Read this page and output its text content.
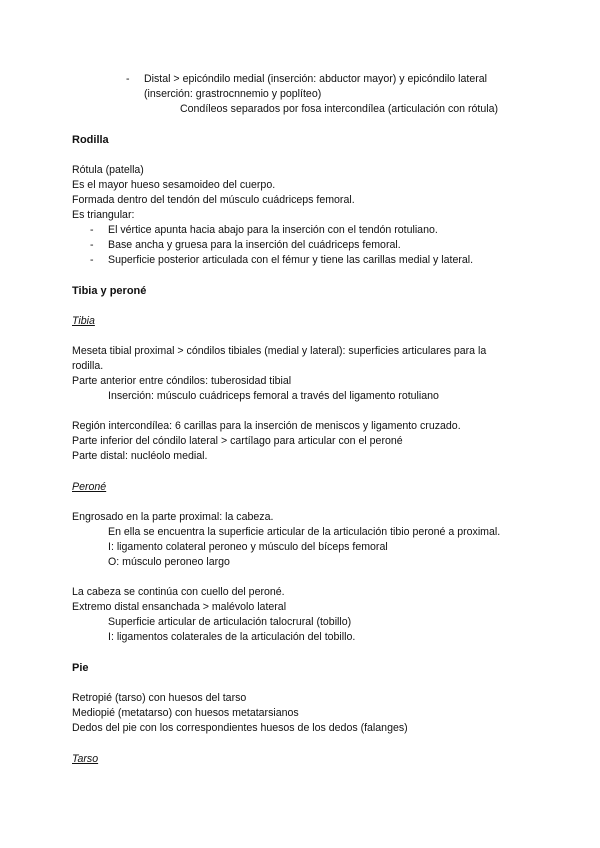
- Distal > epicóndilo medial (inserción: abductor mayor) y epicóndilo lateral
(inserción: grastrocnnemio y poplíteo)
Condíleos separados por fosa intercondílea (articulación con rótula)
Rodilla
Rótula (patella)
Es el mayor hueso sesamoideo del cuerpo.
Formada dentro del tendón del músculo cuádriceps femoral.
Es triangular:
- El vértice apunta hacia abajo para la inserción con el tendón rotuliano.
- Base ancha y gruesa para la inserción del cuádriceps femoral.
- Superficie posterior articulada con el fémur y tiene las carillas medial y lateral.
Tibia y peroné
Tibia
Meseta tibial proximal > cóndilos tibiales (medial y lateral): superficies articulares para la
rodilla.
Parte anterior entre cóndilos: tuberosidad tibial
Inserción: músculo cuádriceps femoral a través del ligamento rotuliano
Región intercondílea: 6 carillas para la inserción de meniscos y ligamento cruzado.
Parte inferior del cóndilo lateral > cartílago para articular con el peroné
Parte distal: nucléolo medial.
Peroné
Engrosado en la parte proximal: la cabeza.
En ella se encuentra la superficie articular de la articulación tibio peroné a proximal.
I: ligamento colateral peroneo y músculo del bíceps femoral
O: músculo peroneo largo
La cabeza se continúa con cuello del peroné.
Extremo distal ensanchada > malévolo lateral
Superficie articular de articulación talocrural (tobillo)
I: ligamentos colaterales de la articulación del tobillo.
Pie
Retropié (tarso) con huesos del tarso
Mediopié (metatarso) con huesos metatarsianos
Dedos del pie con los correspondientes huesos de los dedos (falanges)
Tarso
